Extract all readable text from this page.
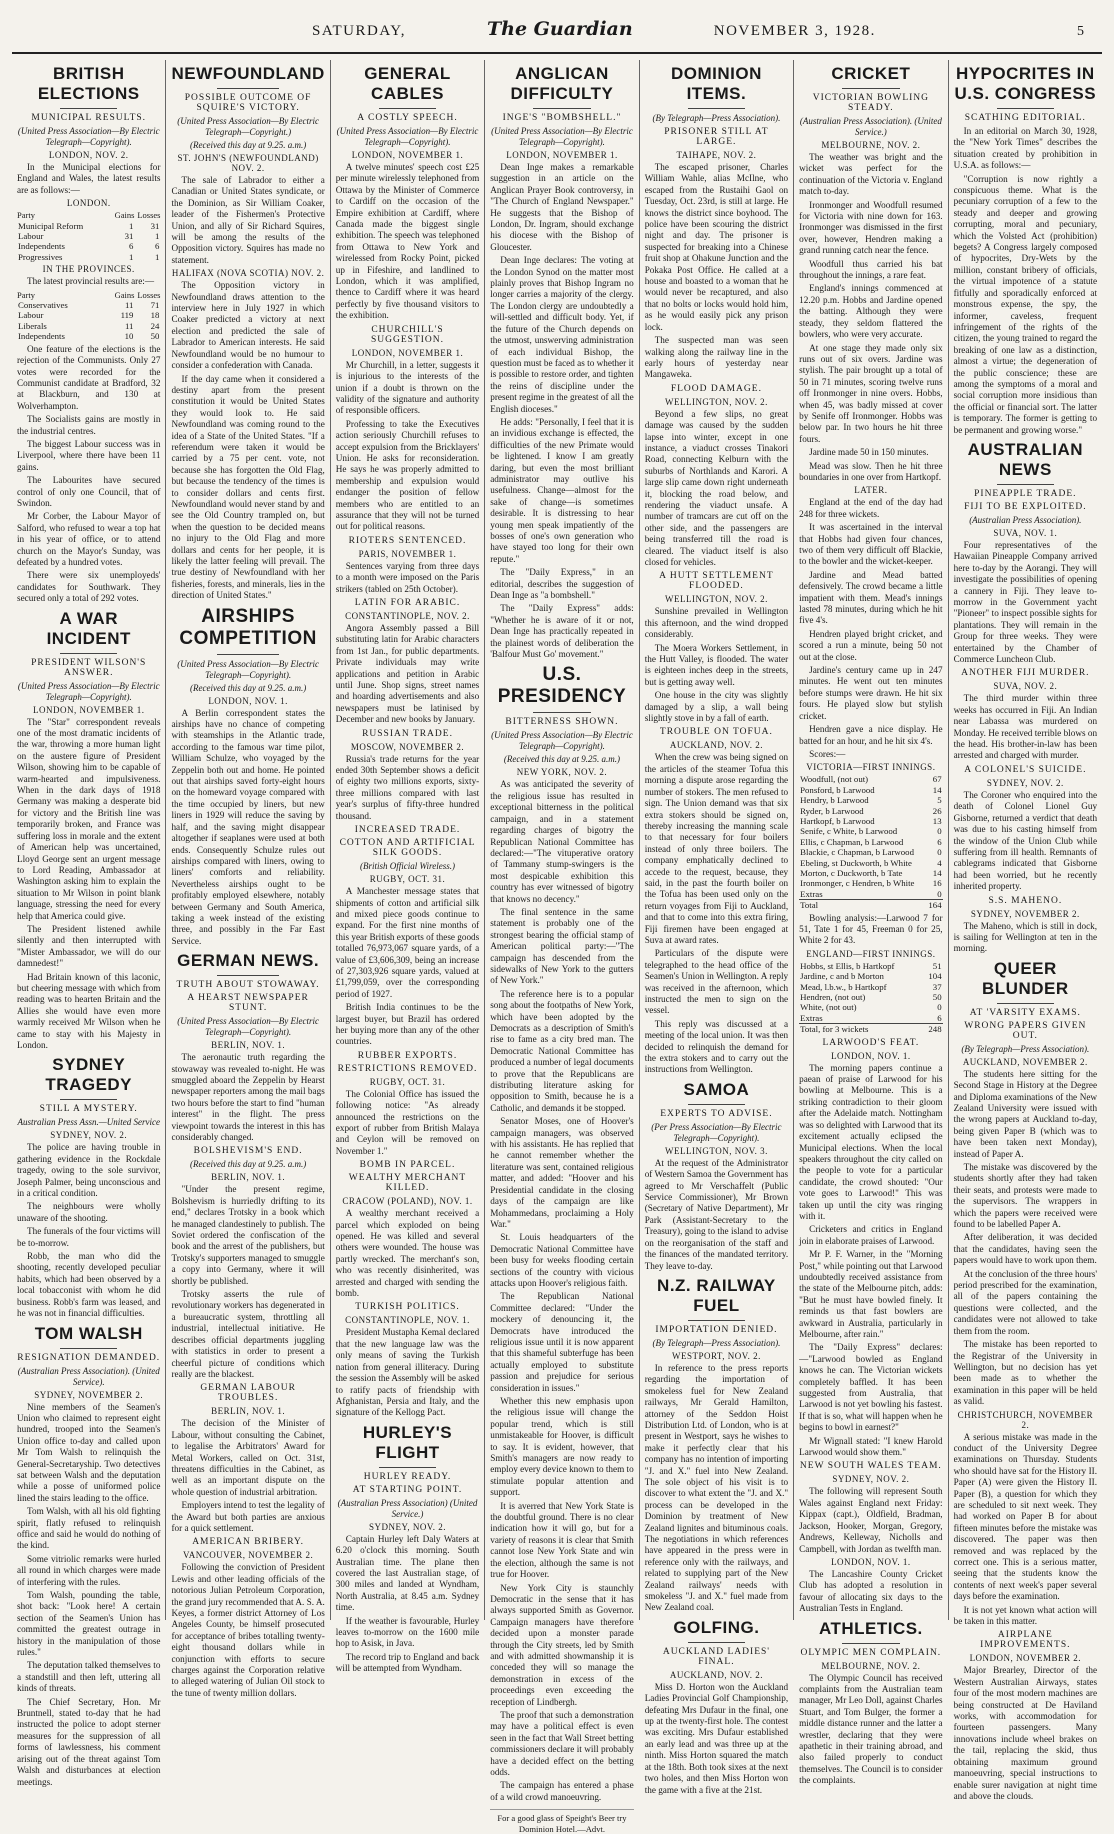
SATURDAY,	The Guardian	NOVEMBER 3, 1928.	5
BRITISH ELECTIONS
MUNICIPAL RESULTS.
(United Press Association—By Electric Telegraph—Copyright).
LONDON, NOV. 2.

In the Municipal elections for England and Wales, the latest results are as follows:—

LONDON.
Party	Gains	Losses
Municipal Reform	1	31
Labour	31	1
Independents	6	6
Progressives	1	1
IN THE PROVINCES.

The latest provincial results are:—

Party	Gains	Losses
Conservatives	11	71
Labour	119	18
Liberals	11	24
Independents	10	50

One feature of the elections is the rejection of the Communists. Only 27 votes were recorded for the Communist candidate at Bradford, 32 at Blackburn, and 130 at Wolverhampton.

The Socialists gains are mostly in the industrial centres.

The biggest Labour success was in Liverpool, where there have been 11 gains.

The Labourites have secured control of only one Council, that of Swindon.

Mr Corber, the Labour Mayor of Salford, who refused to wear a top hat in his year of office, or to attend church on the Mayor's Sunday, was defeated by a hundred votes.

There were six unemployeds' candidates for Southwark. They secured only a total of 292 votes.

A WAR INCIDENT
PRESIDENT WILSON'S ANSWER.
(United Press Association—By Electric Telegraph—Copyright).
LONDON, NOVEMBER 1.

The "Star" correspondent reveals one of the most dramatic incidents of the war, throwing a more human light on the austere figure of President Wilson, showing him to be capable of warm-hearted and impulsiveness. When in the dark days of 1918 Germany was making a desperate bid for victory and the British line was temporarily broken, and France was suffering loss in morale and the extent of American help was uncertained, Lloyd George sent an urgent message to Lord Reading, Ambassador at Washington asking him to explain the situation to Mr Wilson in point blank language, stressing the need for every help that America could give.

The President listened awhile silently and then interrupted with "Mister Ambassador, we will do our damnedest!"

Had Britain known of this laconic, but cheering message with which from reading was to hearten Britain and the Allies she would have even more warmly received Mr Wilson when he came to stay with his Majesty in London.

SYDNEY TRAGEDY
STILL A MYSTERY.
Australian Press Assn.—United Service
SYDNEY, NOV. 2.

The police are having trouble in gathering evidence in the Rockdale tragedy, owing to the sole survivor, Joseph Palmer, being unconscious and in a critical condition.

The neighbours were wholly unaware of the shooting.

The funerals of the four victims will be to-morrow.

Robb, the man who did the shooting, recently developed peculiar habits, which had been observed by a local tobacconist with whom he did business. Robb's farm was leased, and he was not in financial difficulties.

TOM WALSH
RESIGNATION DEMANDED.
(Australian Press Association). (United Service).
SYDNEY, NOVEMBER 2.

Nine members of the Seamen's Union who claimed to represent eight hundred, trooped into the Seamen's Union office to-day and called upon Mr Tom Walsh to relinquish the General-Secretaryship. Two detectives sat between Walsh and the deputation while a posse of uniformed police lined the stairs leading to the office.

Tom Walsh, with all his old fighting spirit, flatly refused to relinquish office and said he would do nothing of the kind.

Some vitriolic remarks were hurled all round in which charges were made of interfering with the rules.

Tom Walsh, pounding the table, shot back: "Look here! A certain section of the Seamen's Union has committed the greatest outrage in history in the manipulation of those rules."

The deputation talked themselves to a standstill and then left, uttering all kinds of threats.

The Chief Secretary, Hon. Mr Bruntnell, stated to-day that he had instructed the police to adopt sterner measures for the suppression of all forms of lawlessness, his comment arising out of the threat against Tom Walsh and disturbances at election meetings.

NEWFOUNDLAND
POSSIBLE OUTCOME OF SQUIRE'S VICTORY.
(United Press Association—By Electric Telegraph—Copyright.)
(Received this day at 9.25. a.m.)
ST. JOHN'S (NEWFOUNDLAND) NOV. 2.

The sale of Labrador to either a Canadian or United States syndicate, or the Dominion, as Sir William Coaker, leader of the Fishermen's Protective Union, and ally of Sir Richard Squires, will be among the results of the Opposition victory. Squires has made no statement.

HALIFAX (NOVA SCOTIA) NOV. 2.

The Opposition victory in Newfoundland draws attention to the interview here in July 1927 in which Coaker predicted a victory at next election and predicted the sale of Labrador to American interests. He said Newfoundland would be no humour to consider a confederation with Canada.

If the day came when it considered a destiny apart from the present constitution it would be United States they would look to. He said Newfoundland was coming round to the idea of a State of the United States. "If a referendum were taken it would be carried by a 75 per cent. vote, not because she has forgotten the Old Flag, but because the tendency of the times is to consider dollars and cents first. Newfoundland would never stand by and see the Old Country trampled on, but when the question to be decided means no injury to the Old Flag and more dollars and cents for her people, it is likely the latter feeling will prevail. The true destiny of Newfoundland with her fisheries, forests, and minerals, lies in the direction of United States."

AIRSHIPS COMPETITION
(United Press Association—By Electric Telegraph—Copyright).
(Received this day at 9.25. a.m.)
LONDON, NOV. 1.

A Berlin correspondent states the airships have no chance of competing with steamships in the Atlantic trade, according to the famous war time pilot, William Schulze, who voyaged by the Zeppelin both out and home. He pointed out that airships saved forty-eight hours on the homeward voyage compared with the time occupied by liners, but new liners in 1929 will reduce the saving by half, and the saving might disappear altogether if seaplanes were used at both ends. Consequently Schulze rules out airships compared with liners, owing to liners' comforts and reliability. Nevertheless airships ought to be profitably employed elsewhere, notably between Germany and South America, taking a week instead of the existing three, and possibly in the Far East Service.

GERMAN NEWS.
TRUTH ABOUT STOWAWAY.
A HEARST NEWSPAPER STUNT.
(United Press Association—By Electric Telegraph—Copyright).
BERLIN, NOV. 1.

The aeronautic truth regarding the stowaway was revealed to-night. He was smuggled aboard the Zeppelin by Hearst newspaper reporters among the mail bags two hours before the start to find "human interest" in the flight. The press viewpoint towards the interest in this has considerably changed.

BOLSHEVISM'S END.
(Received this day at 9.25. a.m.)
BERLIN, NOV. 1.

"Under the present regime, Bolshevism is hurriedly drifting to its end," declares Trotsky in a book which he managed clandestinely to publish. The Soviet ordered the confiscation of the book and the arrest of the publishers, but Trotsky's supporters managed to smuggle a copy into Germany, where it will shortly be published.

Trotsky asserts the rule of revolutionary workers has degenerated in a bureaucratic system, throttling all industrial, intellectual initiative. He describes official departments juggling with statistics in order to present a cheerful picture of conditions which really are the blackest.

GERMAN LABOUR TROUBLES.
BERLIN, NOV. 1.

The decision of the Minister of Labour, without consulting the Cabinet, to legalise the Arbitrators' Award for Metal Workers, called on Oct. 31st, threatens difficulties in the Cabinet, as well as an important dispute on the whole question of industrial arbitration.

Employers intend to test the legality of the Award but both parties are anxious for a quick settlement.

AMERICAN BRIBERY.
VANCOUVER, NOVEMBER 2.

Following the conviction of President Lewis and other leading officials of the notorious Julian Petroleum Corporation, the grand jury recommended that A. S. A. Keyes, a former district Attorney of Los Angeles County, be himself prosecuted for acceptance of bribes totalling twenty-eight thousand dollars while in conjunction with efforts to secure charges against the Corporation relative to alleged watering of Julian Oil stock to the tune of twenty million dollars.

GENERAL CABLES
A COSTLY SPEECH.
(United Press Association—By Electric Telegraph—Copyright).
LONDON, NOVEMBER 1.

A twelve minutes' speech cost £25 per minute wirelessly telephoned from Ottawa by the Minister of Commerce to Cardiff on the occasion of the Empire exhibition at Cardiff, where Canada made the biggest single exhibition. The speech was telephoned from Ottawa to New York and wirelessed from Rocky Point, picked up in Fifeshire, and landlined to London, which it was amplified, thence to Cardiff where it was heard perfectly by five thousand visitors to the exhibition.

CHURCHILL'S SUGGESTION.
LONDON, NOVEMBER 1.

Mr Churchill, in a letter, suggests it is injurious to the interests of the union if a doubt is thrown on the validity of the signature and authority of responsible officers.

Professing to take the Executives action seriously Churchill refuses to accept expulsion from the Bricklayers' Union. He asks for reconsideration. He says he was properly admitted to membership and expulsion would endanger the position of fellow members who are entitled to an assurance that they will not be turned out for political reasons.

RIOTERS SENTENCED.
PARIS, NOVEMBER 1.

Sentences varying from three days to a month were imposed on the Paris strikers (tabled on 25th October).

LATIN FOR ARABIC.
CONSTANTINOPLE, NOV. 2.

Angora Assembly passed a Bill substituting latin for Arabic characters from 1st Jan., for public departments. Private individuals may write applications and petition in Arabic until June. Shop signs, street names and hoarding advertisements and also newspapers must be latinised by December and new books by January.

RUSSIAN TRADE.
MOSCOW, NOVEMBER 2.

Russia's trade returns for the year ended 30th September shows a deficit of eighty two millions exports, sixty-three millions compared with last year's surplus of fifty-three hundred thousand.

INCREASED TRADE.
COTTON AND ARTIFICIAL SILK GOODS.
(British Official Wireless.)
RUGBY, OCT. 31.

A Manchester message states that shipments of cotton and artificial silk and mixed piece goods continue to expand. For the first nine months of this year British exports of these goods totalled 76,973,067 square yards, of a value of £3,606,309, being an increase of 27,303,926 square yards, valued at £1,799,059, over the corresponding period of 1927.

British India continues to be the largest buyer, but Brazil has ordered her buying more than any of the other countries.

RUBBER EXPORTS.
RESTRICTIONS REMOVED.
RUGBY, OCT. 31.

The Colonial Office has issued the following notice: "As already announced the restrictions on the export of rubber from British Malaya and Ceylon will be removed on November 1."

BOMB IN PARCEL.
WEALTHY MERCHANT KILLED.
CRACOW (POLAND), NOV. 1.

A wealthy merchant received a parcel which exploded on being opened. He was killed and several others were wounded. The house was partly wrecked. The merchant's son, who was recently disinherited, was arrested and charged with sending the bomb.

TURKISH POLITICS.
CONSTANTINOPLE, NOV. 1.

President Mustapha Kemal declared that the new language law was the only means of saving the Turkish nation from general illiteracy. During the session the Assembly will be asked to ratify pacts of friendship with Afghanistan, Persia and Italy, and the signature of the Kellogg Pact.

HURLEY'S FLIGHT
HURLEY READY.
AT STARTING POINT.
(Australian Press Association) (United Service.)
SYDNEY, NOV. 2.

Captain Hurley left Daly Waters at 6.20 o'clock this morning. South Australian time. The plane then covered the last Australian stage, of 300 miles and landed at Wyndham, North Australia, at 8.45 a.m. Sydney time.

If the weather is favourable, Hurley leaves to-morrow on the 1600 mile hop to Asisk, in Java.

The record trip to England and back will be attempted from Wyndham.

ANGLICAN DIFFICULTY
INGE'S "BOMBSHELL."
(United Press Association—By Electric Telegraph—Copyright).
LONDON, NOVEMBER 1.

Dean Inge makes a remarkable suggestion in an article on the Anglican Prayer Book controversy, in "The Church of England Newspaper." He suggests that the Bishop of London, Dr. Ingram, should exchange his diocese with the Bishop of Gloucester.

Dean Inge declares: The voting at the London Synod on the matter most plainly proves that Bishop Ingram no longer carries a majority of the clergy. The London clergy are undoubtedly a will-settled and difficult body. Yet, if the future of the Church depends on the utmost, unswerving administration of each individual Bishop, the question must be faced as to whether it is possible to restore order, and tighten the reins of discipline under the present regime in the greatest of all the English dioceses."

He adds: "Personally, I feel that it is an invidious exchange is effected, the difficulties of the new Primate would be lightened. I know I am greatly daring, but even the most brilliant administrator may outlive his usefulness. Change—almost for the sake of change—is sometimes desirable. It is distressing to hear young men speak impatiently of the bosses of one's own generation who have stayed too long for their own repute."

The "Daily Express," in an editorial, describes the suggestion of Dean Inge as "a bombshell."

The "Daily Express" adds: "Whether he is aware of it or not, Dean Inge has practically repeated in the plainest words of deliberation the 'Balfour Must Go' movement."

U.S. PRESIDENCY
BITTERNESS SHOWN.
(United Press Association—By Electric Telegraph—Copyright).
(Received this day at 9.25. a.m.)
NEW YORK, NOV. 2.

As was anticipated the severity of the religious issue has resulted in exceptional bitterness in the political campaign, and in a statement regarding charges of bigotry the Republican National Committee has declared:—"The vituperative oratory of Tammany stump-swingers is the most despicable exhibition this country has ever witnessed of bigotry that knows no decency."

The final sentence in the same statement is probably one of the strongest bearing the official stamp of American political party:—"The campaign has descended from the sidewalks of New York to the gutters of New York."

The reference here is to a popular song about the footpaths of New York, which have been adopted by the Democrats as a description of Smith's rise to fame as a city bred man. The Democratic National Committee has produced a number of legal documents to prove that the Republicans are distributing literature asking for opposition to Smith, because he is a Catholic, and demands it be stopped.

Senator Moses, one of Hoover's campaign managers, was observed with his assistants. He has replied that he cannot remember whether the literature was sent, contained religious matter, and added: "Hoover and his Presidential candidate in the closing days of the campaign are like Mohammedans, proclaiming a Holy War."

St. Louis headquarters of the Democratic National Committee have been busy for weeks flooding certain sections of the country with vicious attacks upon Hoover's religious faith.

The Republican National Committee declared: "Under the mockery of denouncing it, the Democrats have introduced the religious issue until it is now apparent that this shameful subterfuge has been actually employed to substitute passion and prejudice for serious consideration in issues."

Whether this new emphasis upon the religious issue will change the popular trend, which is still unmistakeable for Hoover, is difficult to say. It is evident, however, that Smith's managers are now ready to employ every device known to them to stimulate popular attention and support.

It is averred that New York State is the doubtful ground. There is no clear indication how it will go, but for a variety of reasons it is clear that Smith cannot lose New York State and win the election, although the same is not true for Hoover.

New York City is staunchly Democratic in the sense that it has always supported Smith as Governor. Campaign managers have therefore decided upon a monster parade through the City streets, led by Smith and with admitted showmanship it is conceded they will so manage the demonstration in excess of the proceedings even exceeding the reception of Lindbergh.

The proof that such a demonstration may have a political effect is even seen in the fact that Wall Street betting commissioners declare it will probably have a decided effect on the betting odds.

The campaign has entered a phase of a wild crowd manoeuvring.

For a good glass of Speight's Beer try Dominion Hotel.—Advt.
DOMINION ITEMS.
(By Telegraph—Press Association).
PRISONER STILL AT LARGE.
TAIHAPE, NOV. 2.

The escaped prisoner, Charles William Wahle, alias McIlne, who escaped from the Rustaihi Gaol on Tuesday, Oct. 23rd, is still at large. He knows the district since boyhood. The police have been scouring the district night and day. The prisoner is suspected for breaking into a Chinese fruit shop at Ohakune Junction and the Pokaka Post Office. He called at a house and boasted to a woman that he would never be recaptured, and also that no bolts or locks would hold him, as he would easily pick any prison lock.

The suspected man was seen walking along the railway line in the early hours of yesterday near Mangaweka.

FLOOD DAMAGE.
WELLINGTON, NOV. 2.

Beyond a few slips, no great damage was caused by the sudden lapse into winter, except in one instance, a viaduct crosses Tinakori Road, connecting Kelburn with the suburbs of Northlands and Karori. A large slip came down right underneath it, blocking the road below, and rendering the viaduct unsafe. A number of tramcars are cut off on the other side, and the passengers are being transferred till the road is cleared. The viaduct itself is also closed for vehicles.

A HUTT SETTLEMENT FLOODED.
WELLINGTON, NOV. 2.

Sunshine prevailed in Wellington this afternoon, and the wind dropped considerably.

The Moera Workers Settlement, in the Hutt Valley, is flooded. The water is eighteen inches deep in the streets, but is getting away well.

One house in the city was slightly damaged by a slip, a wall being slightly stove in by a fall of earth.

TROUBLE ON TOFUA.
AUCKLAND, NOV. 2.

When the crew was being signed on the articles of the steamer Tofua this morning a dispute arose regarding the number of stokers. The men refused to sign. The Union demand was that six extra stokers should be signed on, thereby increasing the manning scale to that necessary for four boilers instead of only three boilers. The company emphatically declined to accede to the request, because, they said, in the past the fourth boiler on the Tofua has been used only on the return voyages from Fiji to Auckland, and that to come into this extra firing, Fiji firemen have been engaged at Suva at award rates.

Particulars of the dispute were telegraphed to the head office of the Seamen's Union in Wellington. A reply was received in the afternoon, which instructed the men to sign on the vessel.

This reply was discussed at a meeting of the local union. It was then decided to relinquish the demand for the extra stokers and to carry out the instructions from Wellington.

SAMOA
EXPERTS TO ADVISE.
(Per Press Association—By Electric Telegraph—Copyright).
WELLINGTON, NOV. 3.

At the request of the Administrator of Western Samoa the Government has agreed to Mr Verschaffelt (Public Service Commissioner), Mr Brown (Secretary of Native Department), Mr Park (Assistant-Secretary to the Treasury), going to the island to advise on the reorganisation of the staff and the finances of the mandated territory. They leave to-day.

N.Z. RAILWAY FUEL
IMPORTATION DENIED.
(By Telegraph—Press Association).
WESTPORT, NOV. 2.

In reference to the press reports regarding the importation of smokeless fuel for New Zealand railways, Mr Gerald Hamilton, attorney of the Seddon Hoist Distribution Ltd. of London, who is at present in Westport, says he wishes to make it perfectly clear that his company has no intention of importing "J. and X." fuel into New Zealand. The sole object of his visit is to discover to what extent the "J. and X." process can be developed in the Dominion by treatment of New Zealand lignites and bituminous coals. The negotiations in which references have appeared in the press were in reference only with the railways, and related to supplying part of the New Zealand railways' needs with smokeless "J. and X." fuel made from New Zealand coal.

GOLFING.
AUCKLAND LADIES' FINAL.
AUCKLAND, NOV. 2.

Miss D. Horton won the Auckland Ladies Provincial Golf Championship, defeating Mrs Dufaur in the final, one up at the twenty-first hole. The contest was exciting. Mrs Dufaur established an early lead and was three up at the ninth. Miss Horton squared the match at the 18th. Both took sixes at the next two holes, and then Miss Horton won the game with a five at the 21st.

CRICKET
VICTORIAN BOWLING STEADY.
(Australian Press Association). (United Service.)
MELBOURNE, NOV. 2.

The weather was bright and the wicket was perfect for the continuation of the Victoria v. England match to-day.

Ironmonger and Woodfull resumed for Victoria with nine down for 163. Ironmonger was dismissed in the first over, however, Hendren making a grand running catch near the fence.

Woodfull thus carried his bat throughout the innings, a rare feat.

England's innings commenced at 12.20 p.m. Hobbs and Jardine opened the batting. Although they were steady, they seldom flattered the bowlers, who were very accurate.

At one stage they made only six runs out of six overs. Jardine was stylish. The pair brought up a total of 50 in 71 minutes, scoring twelve runs off Ironmonger in nine overs. Hobbs, when 45, was badly missed at cover by Senife off Ironmonger. Hobbs was below par. In two hours he hit three fours.

Jardine made 50 in 150 minutes.

Mead was slow. Then he hit three boundaries in one over from Hartkopf.

LATER.

England at the end of the day had 248 for three wickets.

It was ascertained in the interval that Hobbs had given four chances, two of them very difficult off Blackie, to the bowler and the wicket-keeper.

Jardine and Mead batted defensively. The crowd became a little impatient with them. Mead's innings lasted 78 minutes, during which he hit five 4's.

Hendren played bright cricket, and scored a run a minute, being 50 not out at the close.

Jardine's century came up in 247 minutes. He went out ten minutes before stumps were drawn. He hit six fours. He played slow but stylish cricket.

Hendren gave a nice display. He batted for an hour, and he hit six 4's.

Scores:—

VICTORIA—FIRST INNINGS.
Woodfull, (not out)	67
Ponsford, b Larwood	14
Hendry, b Larwood	5
Ryder, b Larwood	26
Hartkopf, b Larwood	13
Senife, c White, b Larwood	0
Ellis, c Chapman, b Larwood	6
Blackie, c Chapman, b Larwood	0
Ebeling, st Duckworth, b White	4
Morton, c Duckworth, b Tate	14
Ironmonger, c Hendren, b White	16
Extras	0
Total	164

Bowling analysis:—Larwood 7 for 51, Tate 1 for 45, Freeman 0 for 25, White 2 for 43.

ENGLAND—FIRST INNINGS.
Hobbs, st Ellis, b Hartkopf	51
Jardine, c and b Morton	104
Mead, l.b.w., b Hartkopf	37
Hendren, (not out)	50
White, (not out)	0
Extras	6
Total, for 3 wickets	248
LARWOOD'S FEAT.
LONDON, NOV. 1.

The morning papers continue a paean of praise of Larwood for his bowling at Melbourne. This is a striking contradiction to their gloom after the Adelaide match. Nottingham was so delighted with Larwood that its excitement actually eclipsed the Municipal elections. When the local speakers throughout the city called on the people to vote for a particular candidate, the crowd shouted: "Our vote goes to Larwood!" This was taken up until the city was ringing with it.

Cricketers and critics in England join in elaborate praises of Larwood.

Mr P. F. Warner, in the "Morning Post," while pointing out that Larwood undoubtedly received assistance from the state of the Melbourne pitch, adds: "But he must have bowled finely. It reminds us that fast bowlers are awkward in Australia, particularly in Melbourne, after rain."

The "Daily Express" declares:—"Larwood bowled as England knows he can. The Victorian wickets completely baffled. It has been suggested from Australia, that Larwood is not yet bowling his fastest. If that is so, what will happen when he begins to bowl in earnest?"

Mr Wignall stated: "I knew Harold Larwood would show them."

NEW SOUTH WALES TEAM.
SYDNEY, NOV. 2.

The following will represent South Wales against England next Friday: Kippax (capt.), Oldfield, Bradman, Jackson, Hooker, Morgan, Gregory, Andrews, Kelleway, Nicholls and Campbell, with Jordan as twelfth man.

LONDON, NOV. 1.

The Lancashire County Cricket Club has adopted a resolution in favour of allocating six days to the Australian Tests in England.

ATHLETICS.
OLYMPIC MEN COMPLAIN.
MELBOURNE, NOV. 2.

The Olympic Council has received complaints from the Australian team manager, Mr Leo Doll, against Charles Stuart, and Tom Bulger, the former a middle distance runner and the latter a wrestler, declaring that they were apathetic in their training abroad, and also failed properly to conduct themselves. The Council is to consider the complaints.

HYPOCRITES IN U.S. CONGRESS
SCATHING EDITORIAL.

In an editorial on March 30, 1928, the "New York Times" describes the situation created by prohibition in U.S.A. as follows:—

"Corruption is now rightly a conspicuous theme. What is the pecuniary corruption of a few to the steady and deeper and growing corrupting, moral and pecuniary, which the Volsted Act (prohibition) begets? A Congress largely composed of hypocrites, Dry-Wets by the million, constant bribery of officials, the virtual impotence of a statute fitfully and sporadically enforced at monstrous expense, the spy, the informer, caveless, frequent infringement of the rights of the citizen, the young trained to regard the breaking of one law as a distinction, almost a virtue; the degeneration of the public conscience; these are among the symptoms of a moral and social corruption more insidious than the official or financial sort. The latter is temporary. The former is getting to be permanent and growing worse."

AUSTRALIAN NEWS
PINEAPPLE TRADE.
FIJI TO BE EXPLOITED.
(Australian Press Association).
SUVA, NOV. 1.

Four representatives of the Hawaiian Pineapple Company arrived here to-day by the Aorangi. They will investigate the possibilities of opening a cannery in Fiji. They leave to-morrow in the Government yacht "Pioneer" to inspect possible sights for plantations. They will remain in the Group for three weeks. They were entertained by the Chamber of Commerce Luncheon Club.

ANOTHER FIJI MURDER.
SUVA, NOV. 2.

The third murder within three weeks has occurred in Fiji. An Indian near Labassa was murdered on Monday. He received terrible blows on the head. His brother-in-law has been arrested and charged with murder.

A COLONEL'S SUICIDE.
SYDNEY, NOV. 2.

The Coroner who enquired into the death of Colonel Lionel Guy Gisborne, returned a verdict that death was due to his casting himself from the window of the Union Club while suffering from ill health. Remnants of cablegrams indicated that Gisborne had been worried, but he recently inherited property.

S.S. MAHENO.
SYDNEY, NOVEMBER 2.

The Maheno, which is still in dock, is sailing for Wellington at ten in the morning.

QUEER BLUNDER
AT 'VARSITY EXAMS.
WRONG PAPERS GIVEN OUT.
(By Telegraph—Press Association).
AUCKLAND, NOVEMBER 2.

The students here sitting for the Second Stage in History at the Degree and Diploma examinations of the New Zealand University were issued with the wrong papers at Auckland to-day, being given Paper B (which was to have been taken next Monday), instead of Paper A.

The mistake was discovered by the students shortly after they had taken their seats, and protests were made to the supervisors. The wrappers in which the papers were received were found to be labelled Paper A.

After deliberation, it was decided that the candidates, having seen the papers would have to work upon them.

At the conclusion of the three hours' period prescribed for the examination, all of the papers containing the questions were collected, and the candidates were not allowed to take them from the room.

The mistake has been reported to the Registrar of the University in Wellington, but no decision has yet been made as to whether the examination in this paper will be held as valid.

CHRISTCHURCH, NOVEMBER 2.

A serious mistake was made in the conduct of the University Degree examinations on Thursday. Students who should have sat for the History II. Paper (A) were given the History II. Paper (B), a question for which they are scheduled to sit next week. They had worked on Paper B for about fifteen minutes before the mistake was discovered. The paper was then removed and was replaced by the correct one. This is a serious matter, seeing that the students know the contents of next week's paper several days before the examination.

It is not yet known what action will be taken in this matter.

AIRPLANE IMPROVEMENTS.
LONDON, NOVEMBER 2.

Major Brearley, Director of the Western Australian Airways, states four of the most modern machines are being constructed at De Haviland works, with accommodation for fourteen passengers. Many innovations include wheel brakes on the tail, replacing the skid, thus obtaining maximum ground manoeuvring, special instructions to enable surer navigation at night time and above the clouds.
